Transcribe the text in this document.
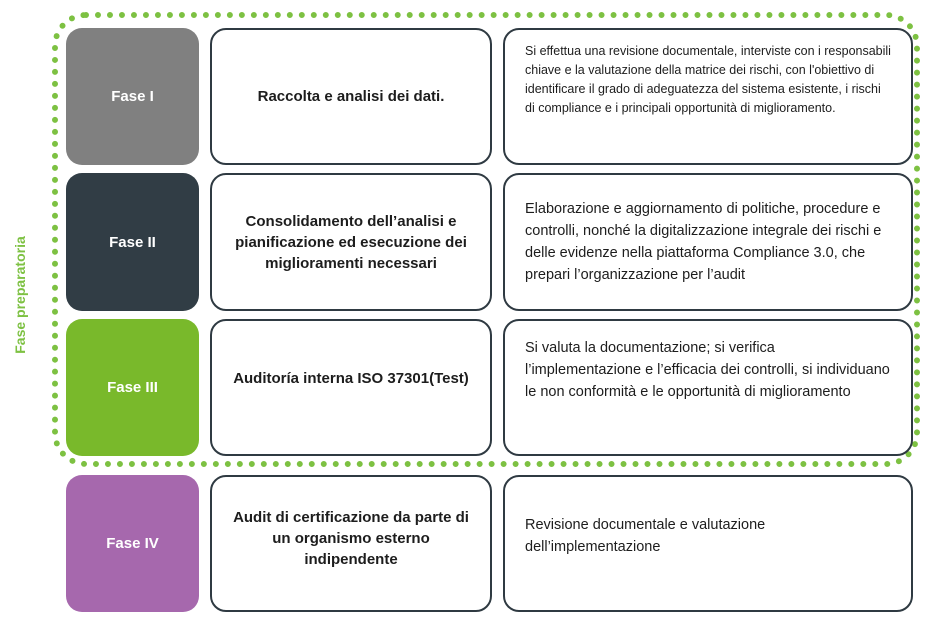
Fase preparatoria
Fase I	Raccolta e analisi dei dati.
Si effettua una revisione documentale, interviste con i responsabili chiave e la valutazione della matrice dei rischi, con l'obiettivo di identificare il grado di adeguatezza del sistema esistente, i rischi di compliance e i principali opportunità di miglioramento.
Fase II
Consolidamento dell’analisi e pianificazione ed esecuzione dei miglioramenti necessari
Elaborazione e aggiornamento di politiche, procedure e controlli, nonché la digitalizzazione integrale dei rischi e delle evidenze nella piattaforma Compliance 3.0, che prepari l’organizzazione per l’audit
Fase III
Auditoría interna ISO 37301(Test)
Si valuta la documentazione; si verifica l’implementazione e l’efficacia dei controlli, si individuano le non conformità e le opportunità di miglioramento
Fase IV
Audit di certificazione da parte di un organismo esterno indipendente
Revisione documentale e valutazione dell’implementazione
